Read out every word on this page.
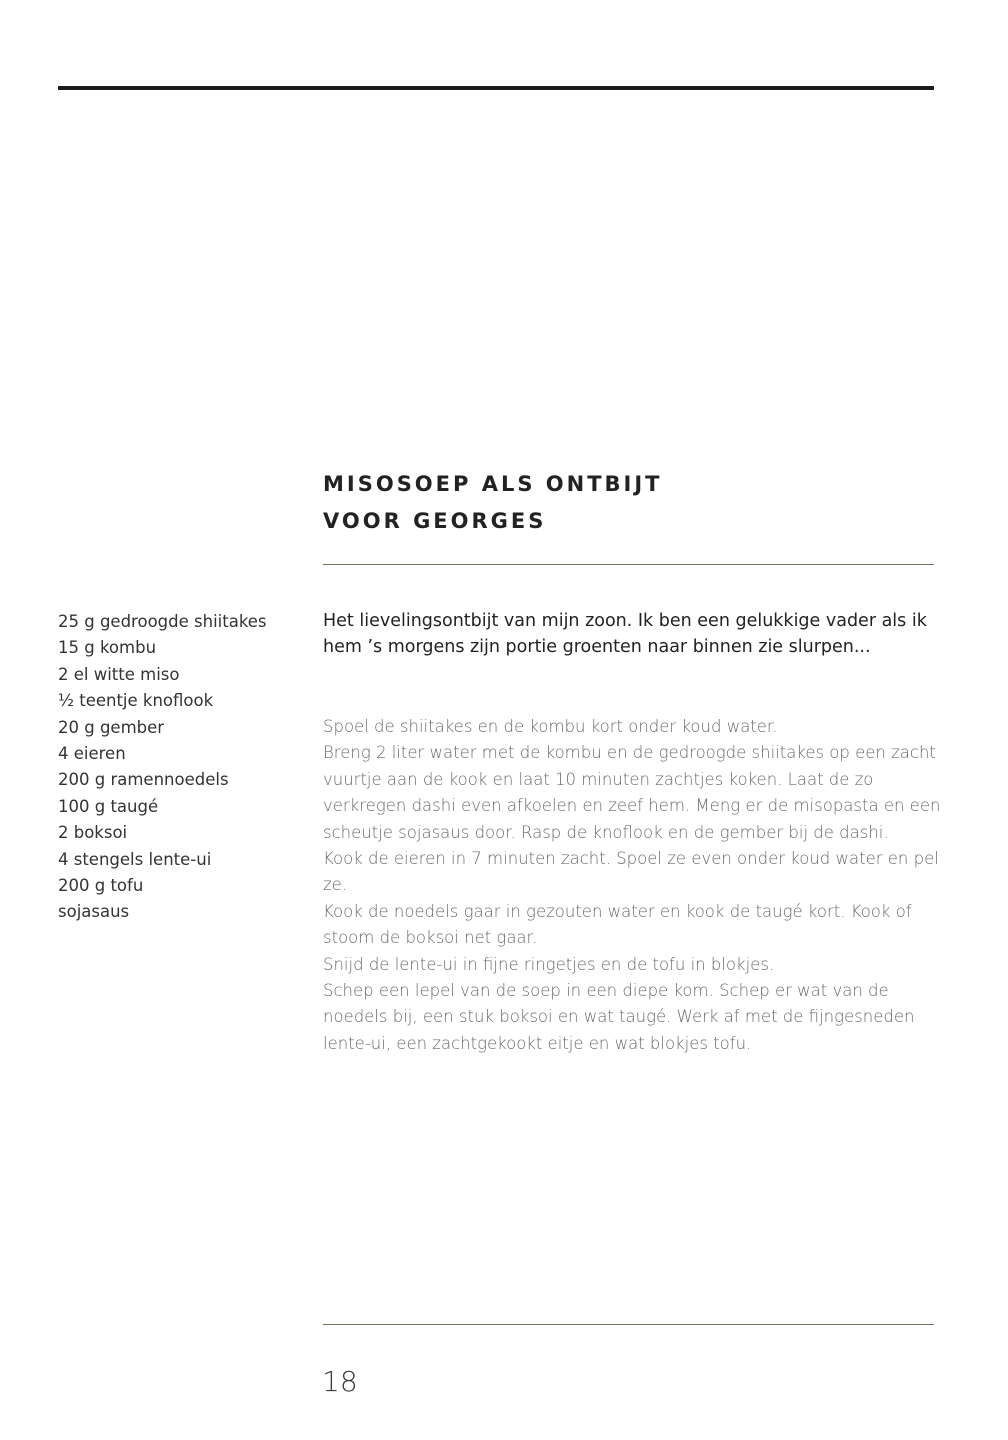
MISOSOEP ALS ONTBIJT
VOOR GEORGES
25 g gedroogde shiitakes
15 g kombu
2 el witte miso
½ teentje knoflook
20 g gember
4 eieren
200 g ramennoedels
100 g taugé
2 boksoi
4 stengels lente-ui
200 g tofu
sojasaus

Het lievelingsontbijt van mijn zoon. Ik ben een gelukkige vader als ik hem ’s morgens zijn portie groenten naar binnen zie slurpen...

Spoel de shiitakes en de kombu kort onder koud water.

Breng 2 liter water met de kombu en de gedroogde shiitakes op een zacht vuurtje aan de kook en laat 10 minuten zachtjes koken. Laat de zo verkregen dashi even afkoelen en zeef hem. Meng er de misopasta en een scheutje sojasaus door. Rasp de knoflook en de gember bij de dashi.

Kook de eieren in 7 minuten zacht. Spoel ze even onder koud water en pel ze.

Kook de noedels gaar in gezouten water en kook de taugé kort. Kook of stoom de boksoi net gaar.

Snijd de lente-ui in fijne ringetjes en de tofu in blokjes.

Schep een lepel van de soep in een diepe kom. Schep er wat van de noedels bij, een stuk boksoi en wat taugé. Werk af met de fijngesneden lente-ui, een zachtgekookt eitje en wat blokjes tofu.

18
